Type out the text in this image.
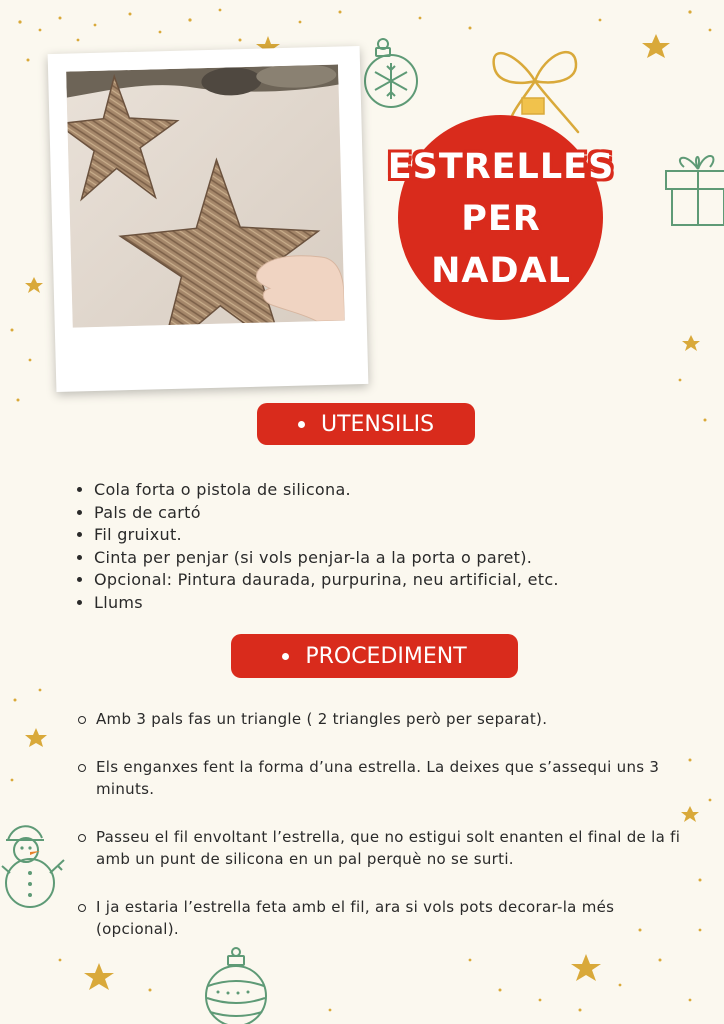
ESTRELLES
PER
NADAL
UTENSILIS
• Cola forta o pistola de silicona.
• Pals de cartó
• Fil gruixut.
• Cinta per penjar (si vols penjar-la a la porta o paret).
• Opcional: Pintura daurada, purpurina, neu artificial, etc.
• Llums
PROCEDIMENT
Amb 3 pals fas un triangle ( 2 triangles però per separat).
Els enganxes fent la forma d’una estrella. La deixes que s’assequi uns 3 minuts.
Passeu el fil envoltant l’estrella, que no estigui solt enanten el final de la fi amb un punt de silicona en un pal perquè no se surti.
I ja estaria l’estrella feta amb el fil, ara si vols pots decorar-la més (opcional).
